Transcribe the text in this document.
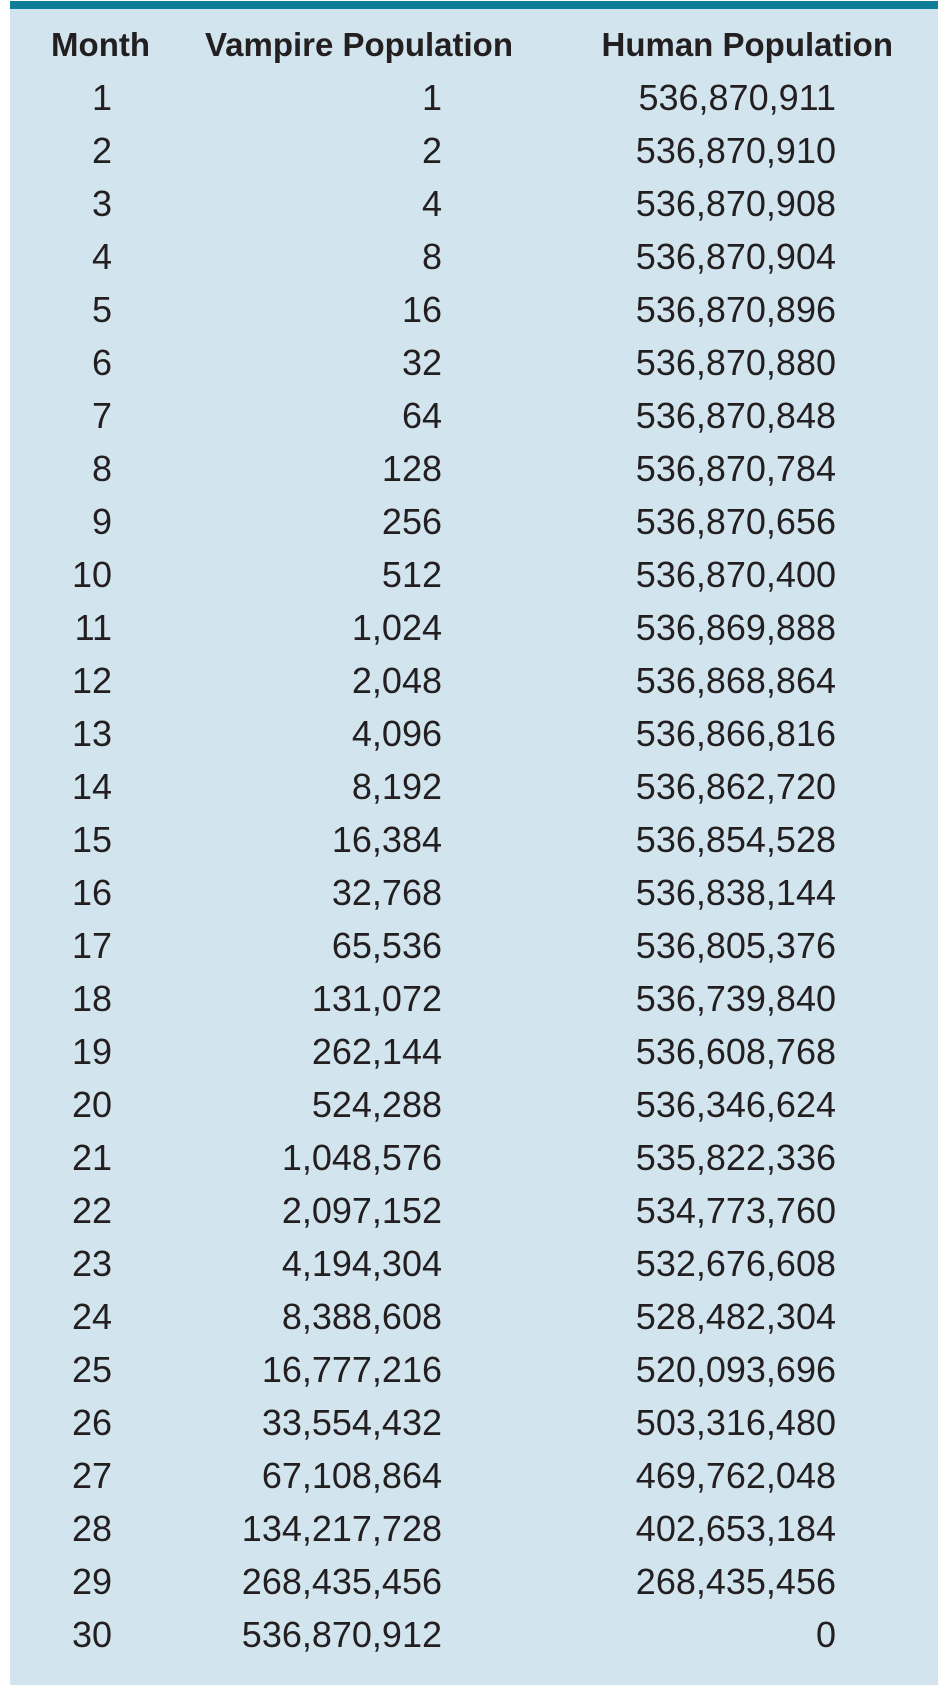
Month	Vampire Population	Human Population	
1	1	536,870,911	
2	2	536,870,910	
3	4	536,870,908	
4	8	536,870,904	
5	16	536,870,896	
6	32	536,870,880	
7	64	536,870,848	
8	128	536,870,784	
9	256	536,870,656	
10	512	536,870,400	
11	1,024	536,869,888	
12	2,048	536,868,864	
13	4,096	536,866,816	
14	8,192	536,862,720	
15	16,384	536,854,528	
16	32,768	536,838,144	
17	65,536	536,805,376	
18	131,072	536,739,840	
19	262,144	536,608,768	
20	524,288	536,346,624	
21	1,048,576	535,822,336	
22	2,097,152	534,773,760	
23	4,194,304	532,676,608	
24	8,388,608	528,482,304	
25	16,777,216	520,093,696	
26	33,554,432	503,316,480	
27	67,108,864	469,762,048	
28	134,217,728	402,653,184	
29	268,435,456	268,435,456	
30	536,870,912	0	
